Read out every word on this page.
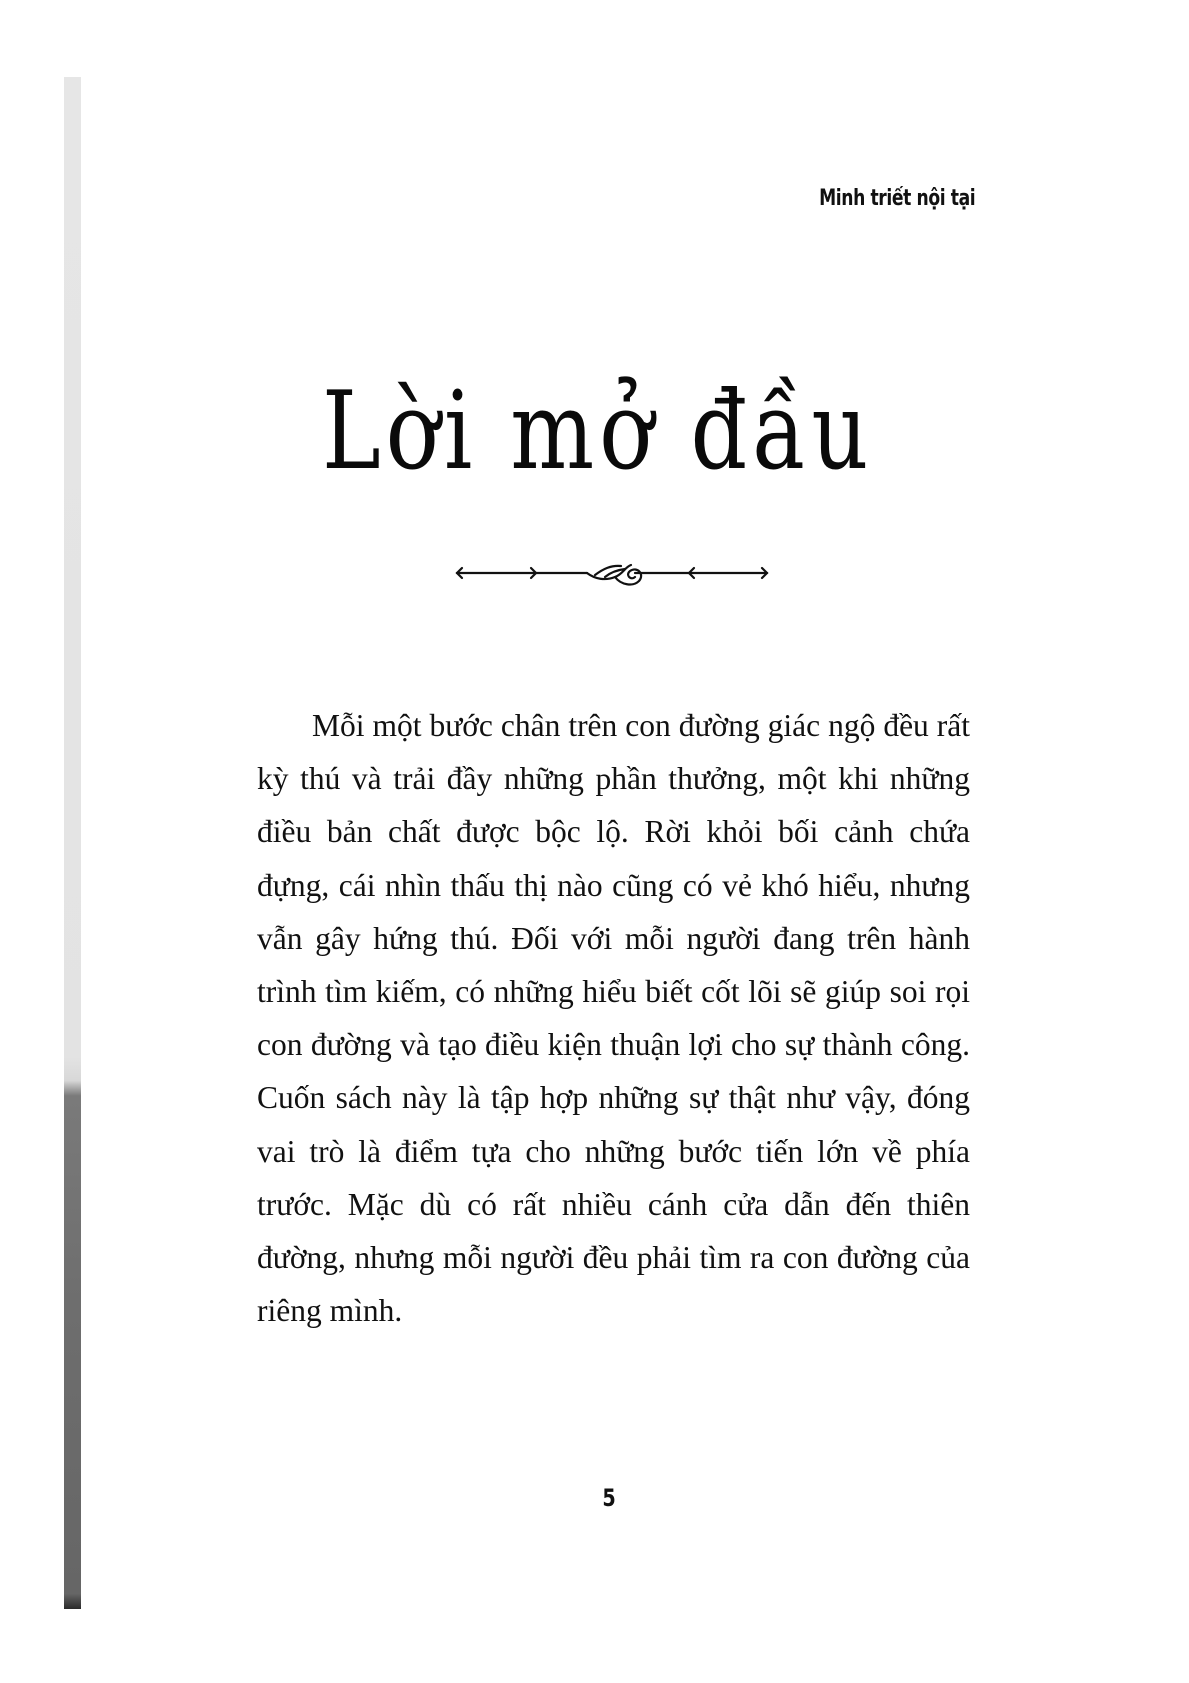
Minh triết nội tại
Lời mở đầu

Mỗi một bước chân trên con đường giác ngộ đều rất kỳ thú và trải đầy những phần thưởng, một khi những điều bản chất được bộc lộ. Rời khỏi bối cảnh chứa đựng, cái nhìn thấu thị nào cũng có vẻ khó hiểu, nhưng vẫn gây hứng thú. Đối với mỗi người đang trên hành trình tìm kiếm, có những hiểu biết cốt lõi sẽ giúp soi rọi con đường và tạo điều kiện thuận lợi cho sự thành công. Cuốn sách này là tập hợp những sự thật như vậy, đóng vai trò là điểm tựa cho những bước tiến lớn về phía trước. Mặc dù có rất nhiều cánh cửa dẫn đến thiên đường, nhưng mỗi người đều phải tìm ra con đường của riêng mình.

5
